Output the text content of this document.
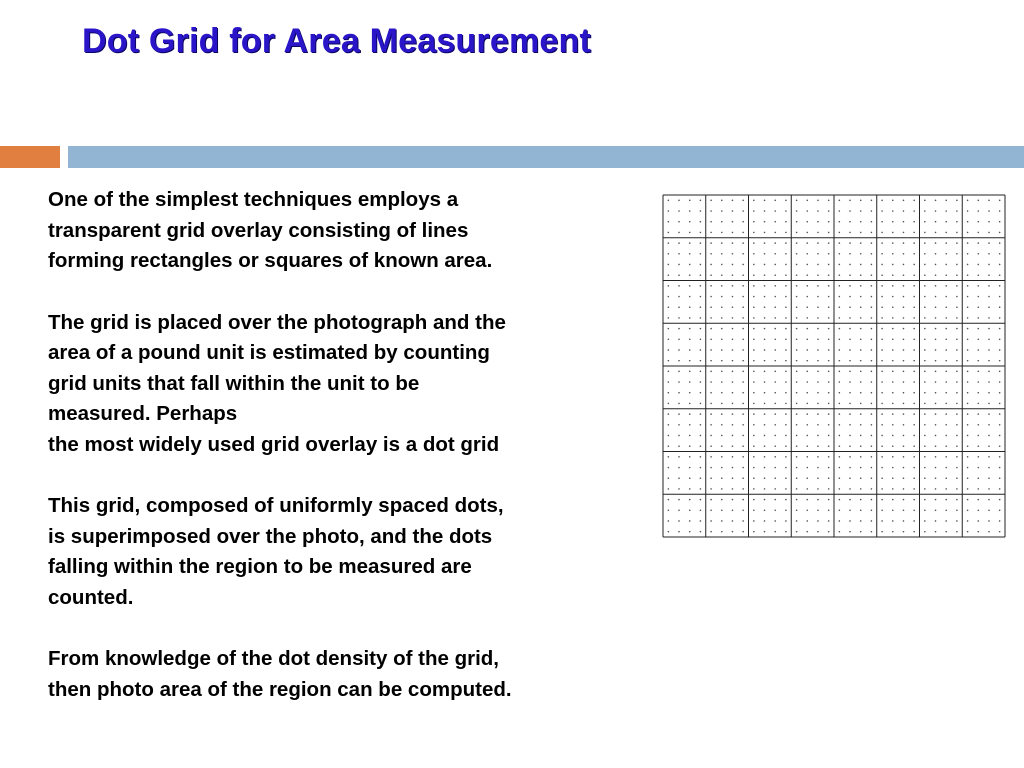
Dot Grid for Area Measurement

One of the simplest techniques employs a
transparent grid overlay consisting of lines
forming rectangles or squares of known area.

The grid is placed over the photograph and the
area of a pound unit is estimated by counting
grid units that fall within the unit to be
measured. Perhaps
the most widely used grid overlay is a dot grid

This grid, composed of uniformly spaced dots,
is superimposed over the photo, and the dots
falling within the region to be measured are
counted.

From knowledge of the dot density of the grid,
then photo area of the region can be computed.
